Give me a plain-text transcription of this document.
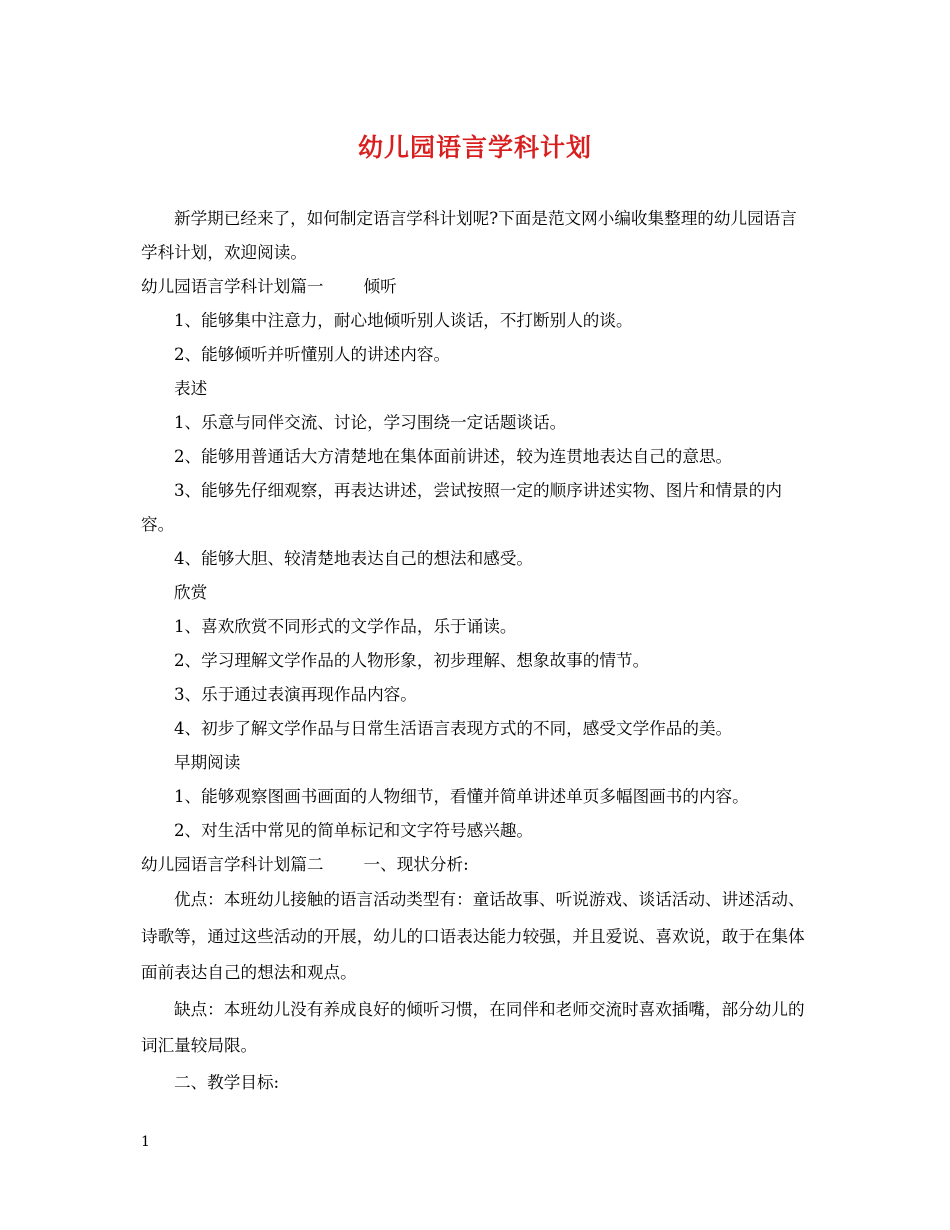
幼儿园语言学科计划

新学期已经来了，如何制定语言学科计划呢?下面是范文网小编收集整理的幼儿园语言学科计划，欢迎阅读。

幼儿园语言学科计划篇一 倾听

1、能够集中注意力，耐心地倾听别人谈话，不打断别人的谈。

2、能够倾听并听懂别人的讲述内容。

表述

1、乐意与同伴交流、讨论，学习围绕一定话题谈话。

2、能够用普通话大方清楚地在集体面前讲述，较为连贯地表达自己的意思。

3、能够先仔细观察，再表达讲述，尝试按照一定的顺序讲述实物、图片和情景的内容。

4、能够大胆、较清楚地表达自己的想法和感受。

欣赏

1、喜欢欣赏不同形式的文学作品，乐于诵读。

2、学习理解文学作品的人物形象，初步理解、想象故事的情节。

3、乐于通过表演再现作品内容。

4、初步了解文学作品与日常生活语言表现方式的不同，感受文学作品的美。

早期阅读

1、能够观察图画书画面的人物细节，看懂并简单讲述单页多幅图画书的内容。

2、对生活中常见的简单标记和文字符号感兴趣。

幼儿园语言学科计划篇二 一、现状分析:

优点：本班幼儿接触的语言活动类型有：童话故事、听说游戏、谈话活动、讲述活动、诗歌等，通过这些活动的开展，幼儿的口语表达能力较强，并且爱说、喜欢说，敢于在集体面前表达自己的想法和观点。

缺点：本班幼儿没有养成良好的倾听习惯，在同伴和老师交流时喜欢插嘴，部分幼儿的词汇量较局限。

二、教学目标:

1
